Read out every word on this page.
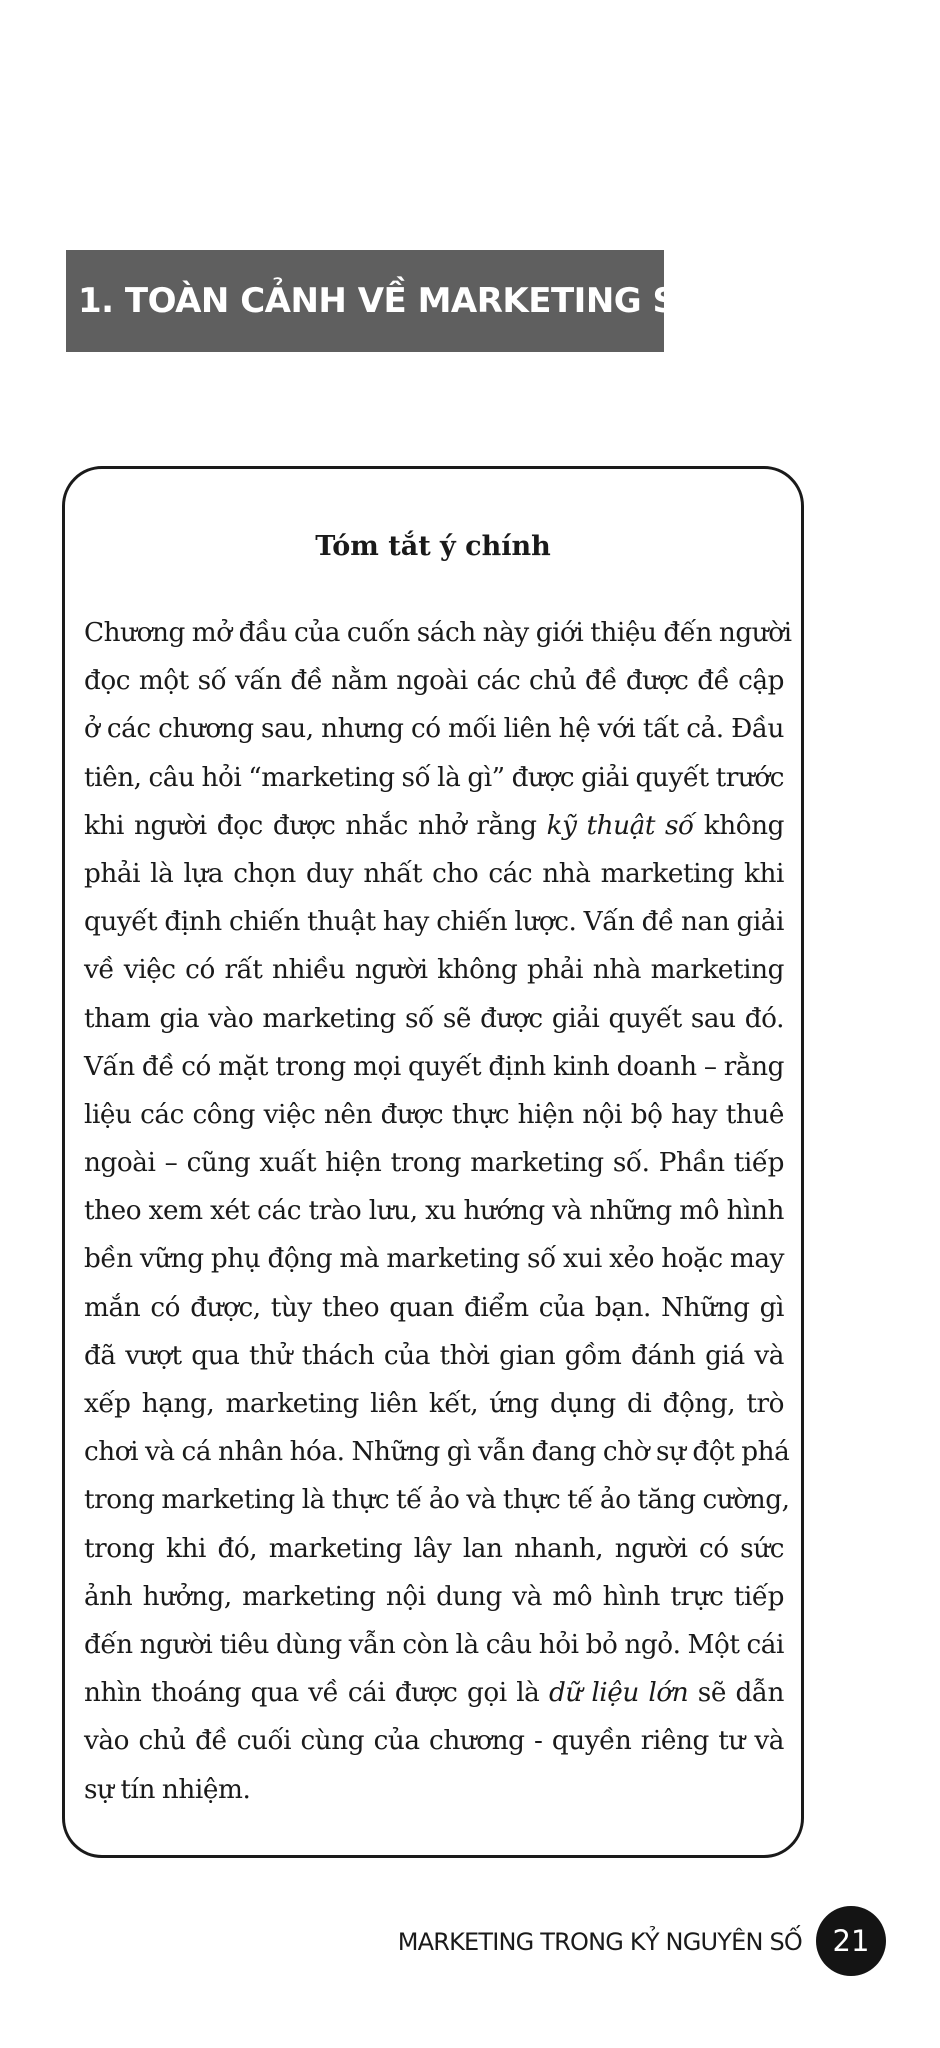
1. TOÀN CẢNH VỀ MARKETING SỐ
Tóm tắt ý chính
Chương mở đầu của cuốn sách này giới thiệu đến người
đọc một số vấn đề nằm ngoài các chủ đề được đề cập
ở các chương sau, nhưng có mối liên hệ với tất cả. Đầu
tiên, câu hỏi “marketing số là gì” được giải quyết trước
khi người đọc được nhắc nhở rằng kỹ thuật số không
phải là lựa chọn duy nhất cho các nhà marketing khi
quyết định chiến thuật hay chiến lược. Vấn đề nan giải
về việc có rất nhiều người không phải nhà marketing
tham gia vào marketing số sẽ được giải quyết sau đó.
Vấn đề có mặt trong mọi quyết định kinh doanh – rằng
liệu các công việc nên được thực hiện nội bộ hay thuê
ngoài – cũng xuất hiện trong marketing số. Phần tiếp
theo xem xét các trào lưu, xu hướng và những mô hình
bền vững phụ động mà marketing số xui xẻo hoặc may
mắn có được, tùy theo quan điểm của bạn. Những gì
đã vượt qua thử thách của thời gian gồm đánh giá và
xếp hạng, marketing liên kết, ứng dụng di động, trò
chơi và cá nhân hóa. Những gì vẫn đang chờ sự đột phá
trong marketing là thực tế ảo và thực tế ảo tăng cường,
trong khi đó, marketing lây lan nhanh, người có sức
ảnh hưởng, marketing nội dung và mô hình trực tiếp
đến người tiêu dùng vẫn còn là câu hỏi bỏ ngỏ. Một cái
nhìn thoáng qua về cái được gọi là dữ liệu lớn sẽ dẫn
vào chủ đề cuối cùng của chương - quyền riêng tư và
sự tín nhiệm.
MARKETING TRONG KỶ NGUYÊN SỐ 21
